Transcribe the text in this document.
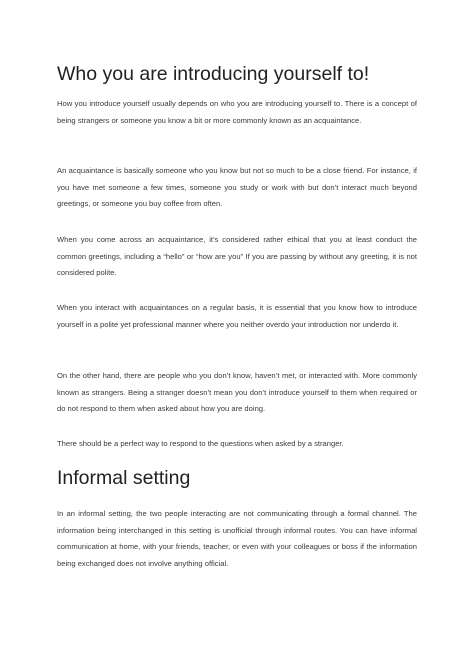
Who you are introducing yourself to!

How you introduce yourself usually depends on who you are introducing yourself to. There is a concept of being strangers or someone you know a bit or more commonly known as an acquaintance.

An acquaintance is basically someone who you know but not so much to be a close friend. For instance, if you have met someone a few times, someone you study or work with but don’t interact much beyond greetings, or someone you buy coffee from often.

When you come across an acquaintance, it’s considered rather ethical that you at least conduct the common greetings, including a “hello” or “how are you” If you are passing by without any greeting, it is not considered polite.

When you interact with acquaintances on a regular basis, it is essential that you know how to introduce yourself in a polite yet professional manner where you neither overdo your introduction nor underdo it.

On the other hand, there are people who you don’t know, haven’t met, or interacted with. More commonly known as strangers. Being a stranger doesn’t mean you don’t introduce yourself to them when required or do not respond to them when asked about how you are doing.

There should be a perfect way to respond to the questions when asked by a stranger.

Informal setting

In an informal setting, the two people interacting are not communicating through a formal channel. The information being interchanged in this setting is unofficial through informal routes. You can have informal communication at home, with your friends, teacher, or even with your colleagues or boss if the information being exchanged does not involve anything official.
